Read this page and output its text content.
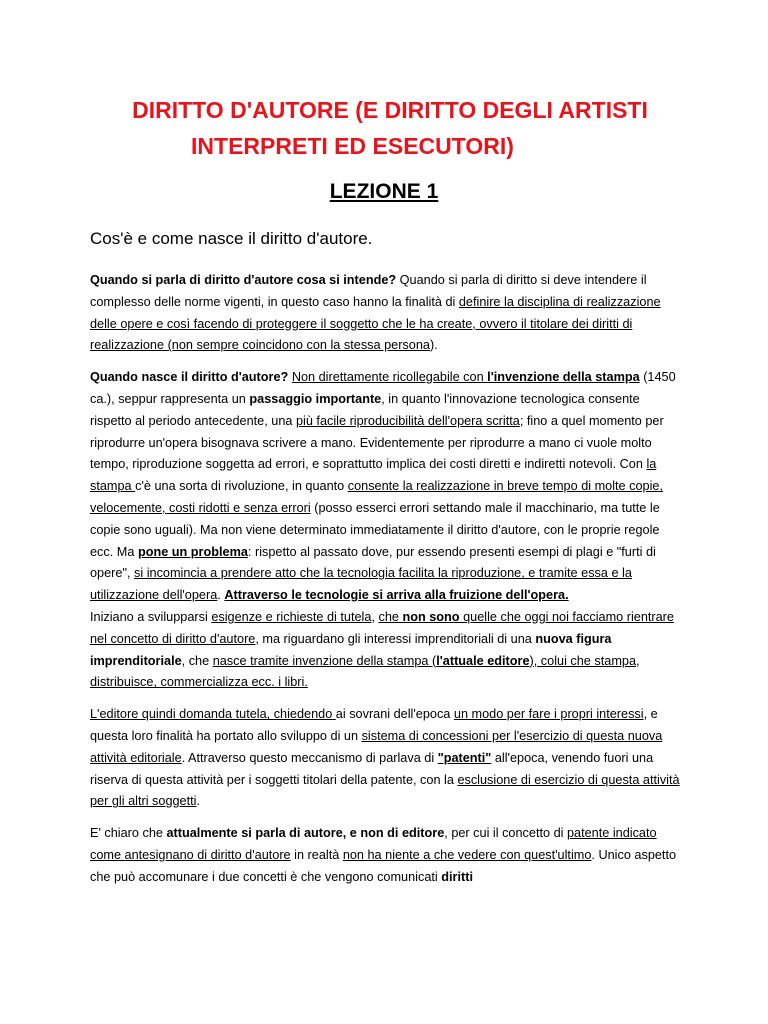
DIRITTO D'AUTORE (E DIRITTO DEGLI ARTISTI
INTERPRETI ED ESECUTORI)
LEZIONE 1
Cos'è e come nasce il diritto d'autore.

Quando si parla di diritto d'autore cosa si intende? Quando si parla di diritto si deve intendere il complesso delle norme vigenti, in questo caso hanno la finalità di definire la disciplina di realizzazione delle opere e così facendo di proteggere il soggetto che le ha create, ovvero il titolare dei diritti di realizzazione (non sempre coincidono con la stessa persona).

Quando nasce il diritto d'autore? Non direttamente ricollegabile con l'invenzione della stampa (1450 ca.), seppur rappresenta un passaggio importante, in quanto l'innovazione tecnologica consente rispetto al periodo antecedente, una più facile riproducibilità dell'opera scritta; fino a quel momento per riprodurre un'opera bisognava scrivere a mano. Evidentemente per riprodurre a mano ci vuole molto tempo, riproduzione soggetta ad errori, e soprattutto implica dei costi diretti e indiretti notevoli. Con la stampa c'è una sorta di rivoluzione, in quanto consente la realizzazione in breve tempo di molte copie, velocemente, costi ridotti e senza errori (posso esserci errori settando male il macchinario, ma tutte le copie sono uguali). Ma non viene determinato immediatamente il diritto d'autore, con le proprie regole ecc. Ma pone un problema: rispetto al passato dove, pur essendo presenti esempi di plagi e "furti di opere", si incomincia a prendere atto che la tecnologia facilita la riproduzione, e tramite essa e la utilizzazione dell'opera. Attraverso le tecnologie si arriva alla fruizione dell'opera.
Iniziano a svilupparsi esigenze e richieste di tutela, che non sono quelle che oggi noi facciamo rientrare nel concetto di diritto d'autore, ma riguardano gli interessi imprenditoriali di una nuova figura imprenditoriale, che nasce tramite invenzione della stampa (l'attuale editore), colui che stampa, distribuisce, commercializza ecc. i libri.

L'editore quindi domanda tutela, chiedendo ai sovrani dell'epoca un modo per fare i propri interessi, e questa loro finalità ha portato allo sviluppo di un sistema di concessioni per l'esercizio di questa nuova attività editoriale. Attraverso questo meccanismo di parlava di "patenti" all'epoca, venendo fuori una riserva di questa attività per i soggetti titolari della patente, con la esclusione di esercizio di questa attività per gli altri soggetti.

E' chiaro che attualmente si parla di autore, e non di editore, per cui il concetto di patente indicato come antesignano di diritto d'autore in realtà non ha niente a che vedere con quest'ultimo. Unico aspetto che può accomunare i due concetti è che vengono comunicati diritti
